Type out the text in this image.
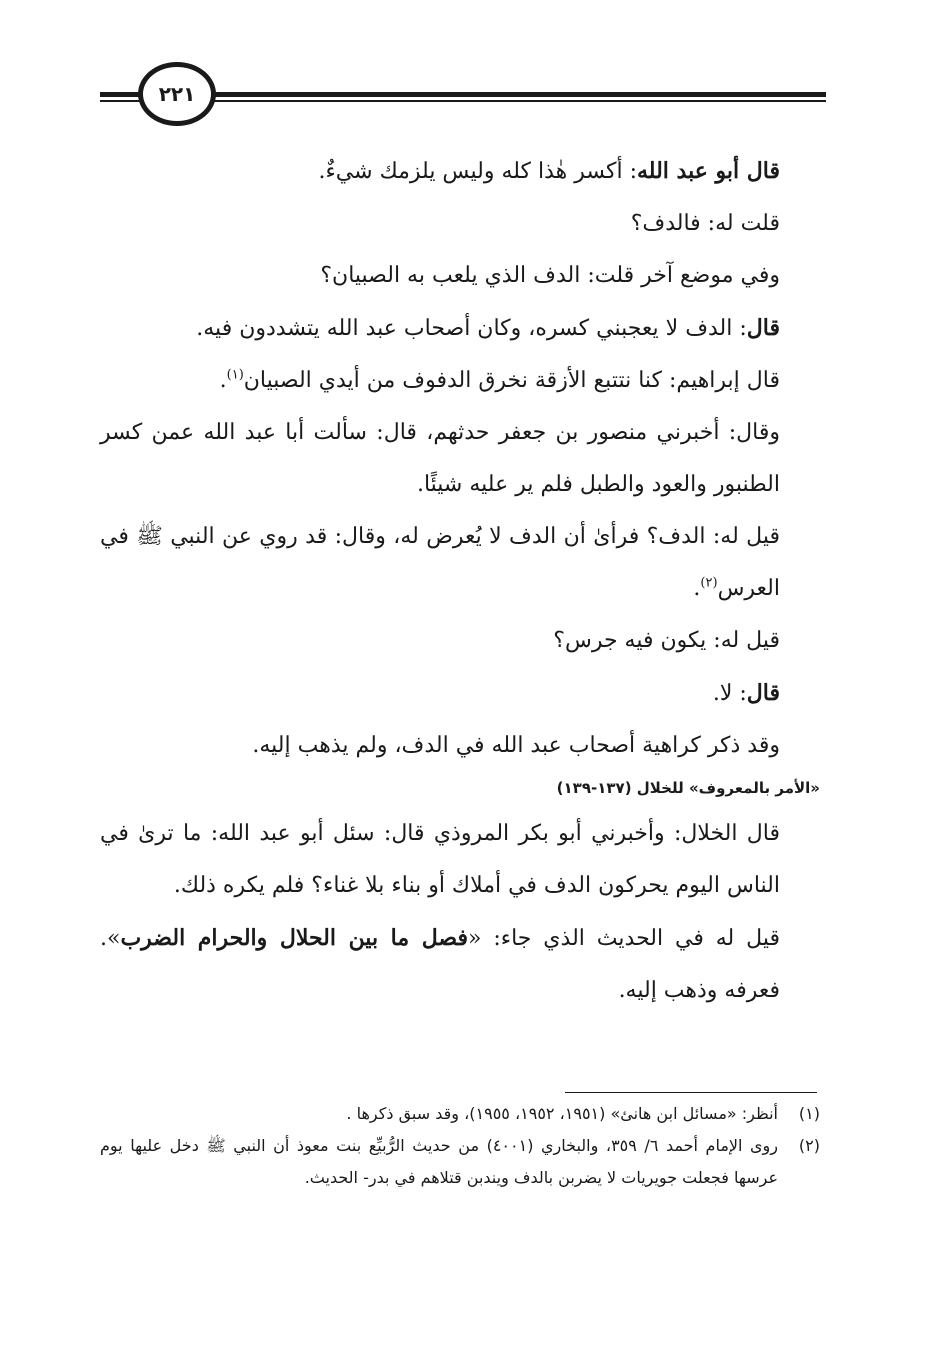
٢٢١

قال أبو عبد الله: أكسر هٰذا كله وليس يلزمك شيءٌ.

قلت له: فالدف؟

وفي موضع آخر قلت: الدف الذي يلعب به الصبيان؟

قال: الدف لا يعجبني كسره، وكان أصحاب عبد الله يتشددون فيه.

قال إبراهيم: كنا نتتبع الأزقة نخرق الدفوف من أيدي الصبيان$^{(١)}$.

وقال: أخبرني منصور بن جعفر حدثهم، قال: سألت أبا عبد الله عمن كسر الطنبور والعود والطبل فلم ير عليه شيئًا.

قيل له: الدف؟ فرأىٰ أن الدف لا يُعرض له، وقال: قد روي عن النبي ﷺ في العرس$^{(٢)}$.

قيل له: يكون فيه جرس؟

قال: لا.

وقد ذكر كراهية أصحاب عبد الله في الدف، ولم يذهب إليه.

«الأمر بالمعروف» للخلال (١٣٧-١٣٩)

قال الخلال: وأخبرني أبو بكر المروذي قال: سئل أبو عبد الله: ما ترىٰ في الناس اليوم يحركون الدف في أملاك أو بناء بلا غناء؟ فلم يكره ذلك.

قيل له في الحديث الذي جاء: «فصل ما بين الحلال والحرام الضرب». فعرفه وذهب إليه.

(١)
أنظر: «مسائل ابن هانئ» (١٩٥١، ١٩٥٢، ١٩٥٥)، وقد سبق ذكرها .
(٢)
روى الإمام أحمد ٦/ ٣٥٩، والبخاري (٤٠٠١) من حديث الرُّبيِّع بنت معوذ أن النبي ﷺ دخل عليها يوم عرسها فجعلت جويريات لا يضربن بالدف ويندبن قتلاهم في بدر- الحديث.
